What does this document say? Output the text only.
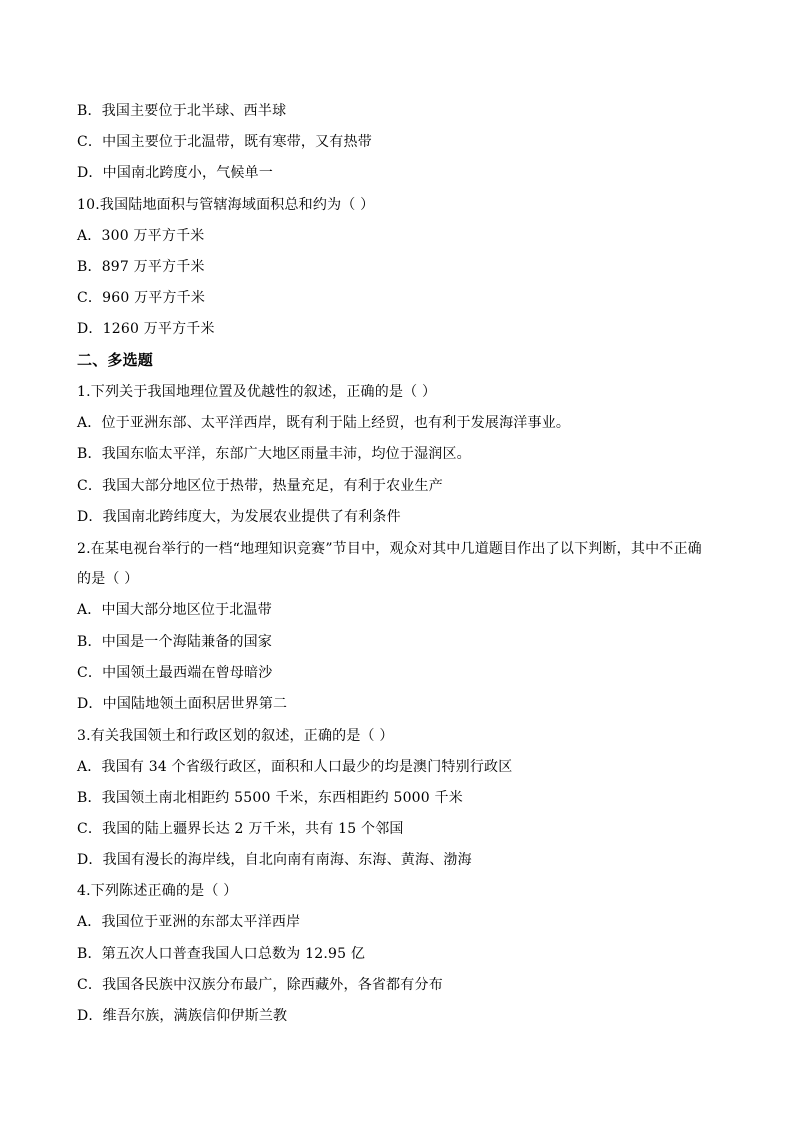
B．我国主要位于北半球、西半球
C．中国主要位于北温带，既有寒带，又有热带
D．中国南北跨度小，气候单一
10.我国陆地面积与管辖海域面积总和约为（ ）
A．300 万平方千米
B．897 万平方千米
C．960 万平方千米
D．1260 万平方千米
二、多选题
1.下列关于我国地理位置及优越性的叙述，正确的是（ ）
A．位于亚洲东部、太平洋西岸，既有利于陆上经贸，也有利于发展海洋事业。
B．我国东临太平洋，东部广大地区雨量丰沛，均位于湿润区。
C．我国大部分地区位于热带，热量充足，有利于农业生产
D．我国南北跨纬度大，为发展农业提供了有利条件
2.在某电视台举行的一档“地理知识竞赛”节目中，观众对其中几道题目作出了以下判断，其中不正确
的是（ ）
A．中国大部分地区位于北温带
B．中国是一个海陆兼备的国家
C．中国领土最西端在曾母暗沙
D．中国陆地领土面积居世界第二
3.有关我国领土和行政区划的叙述，正确的是（ ）
A．我国有 34 个省级行政区，面积和人口最少的均是澳门特别行政区
B．我国领土南北相距约 5500 千米，东西相距约 5000 千米
C．我国的陆上疆界长达 2 万千米，共有 15 个邻国
D．我国有漫长的海岸线，自北向南有南海、东海、黄海、渤海
4.下列陈述正确的是（ ）
A．我国位于亚洲的东部太平洋西岸
B．第五次人口普查我国人口总数为 12.95 亿
C．我国各民族中汉族分布最广，除西藏外，各省都有分布
D．维吾尔族，满族信仰伊斯兰教
